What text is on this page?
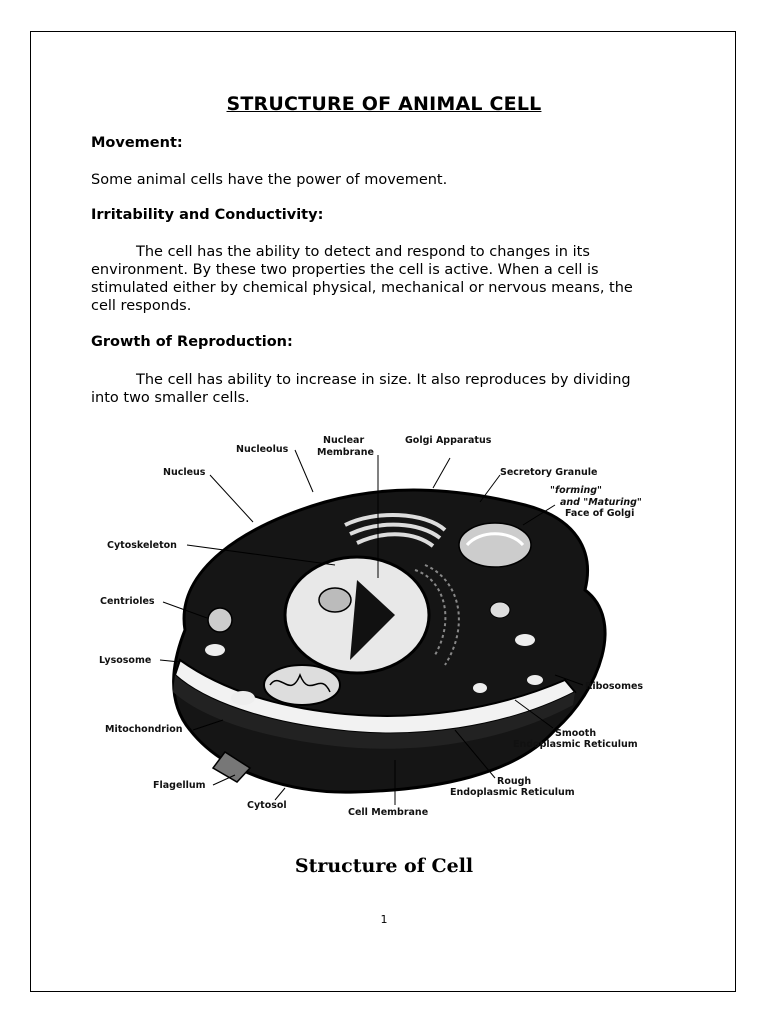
STRUCTURE OF ANIMAL CELL
Movement:
Some animal cells have the power of movement.
Irritability and Conductivity:
The cell has the ability to detect and respond to changes in its environment. By these two properties the cell is active. When a cell is stimulated either by chemical physical, mechanical or nervous means, the cell responds.
Growth of Reproduction:
The cell has ability to increase in size. It also reproduces by dividing into two smaller cells.
Nucleolus
Nuclear
Membrane
Golgi Apparatus
Nucleus	Secretory Granule
"forming"
and "Maturing"
Face of Golgi
Cytoskeleton
Centrioles
Lysosome
Ribosomes
Mitochondrion	Smooth
Endoplasmic Reticulum
Flagellum	Rough
Endoplasmic Reticulum
Cytosol
Cell Membrane
Structure of Cell
1
